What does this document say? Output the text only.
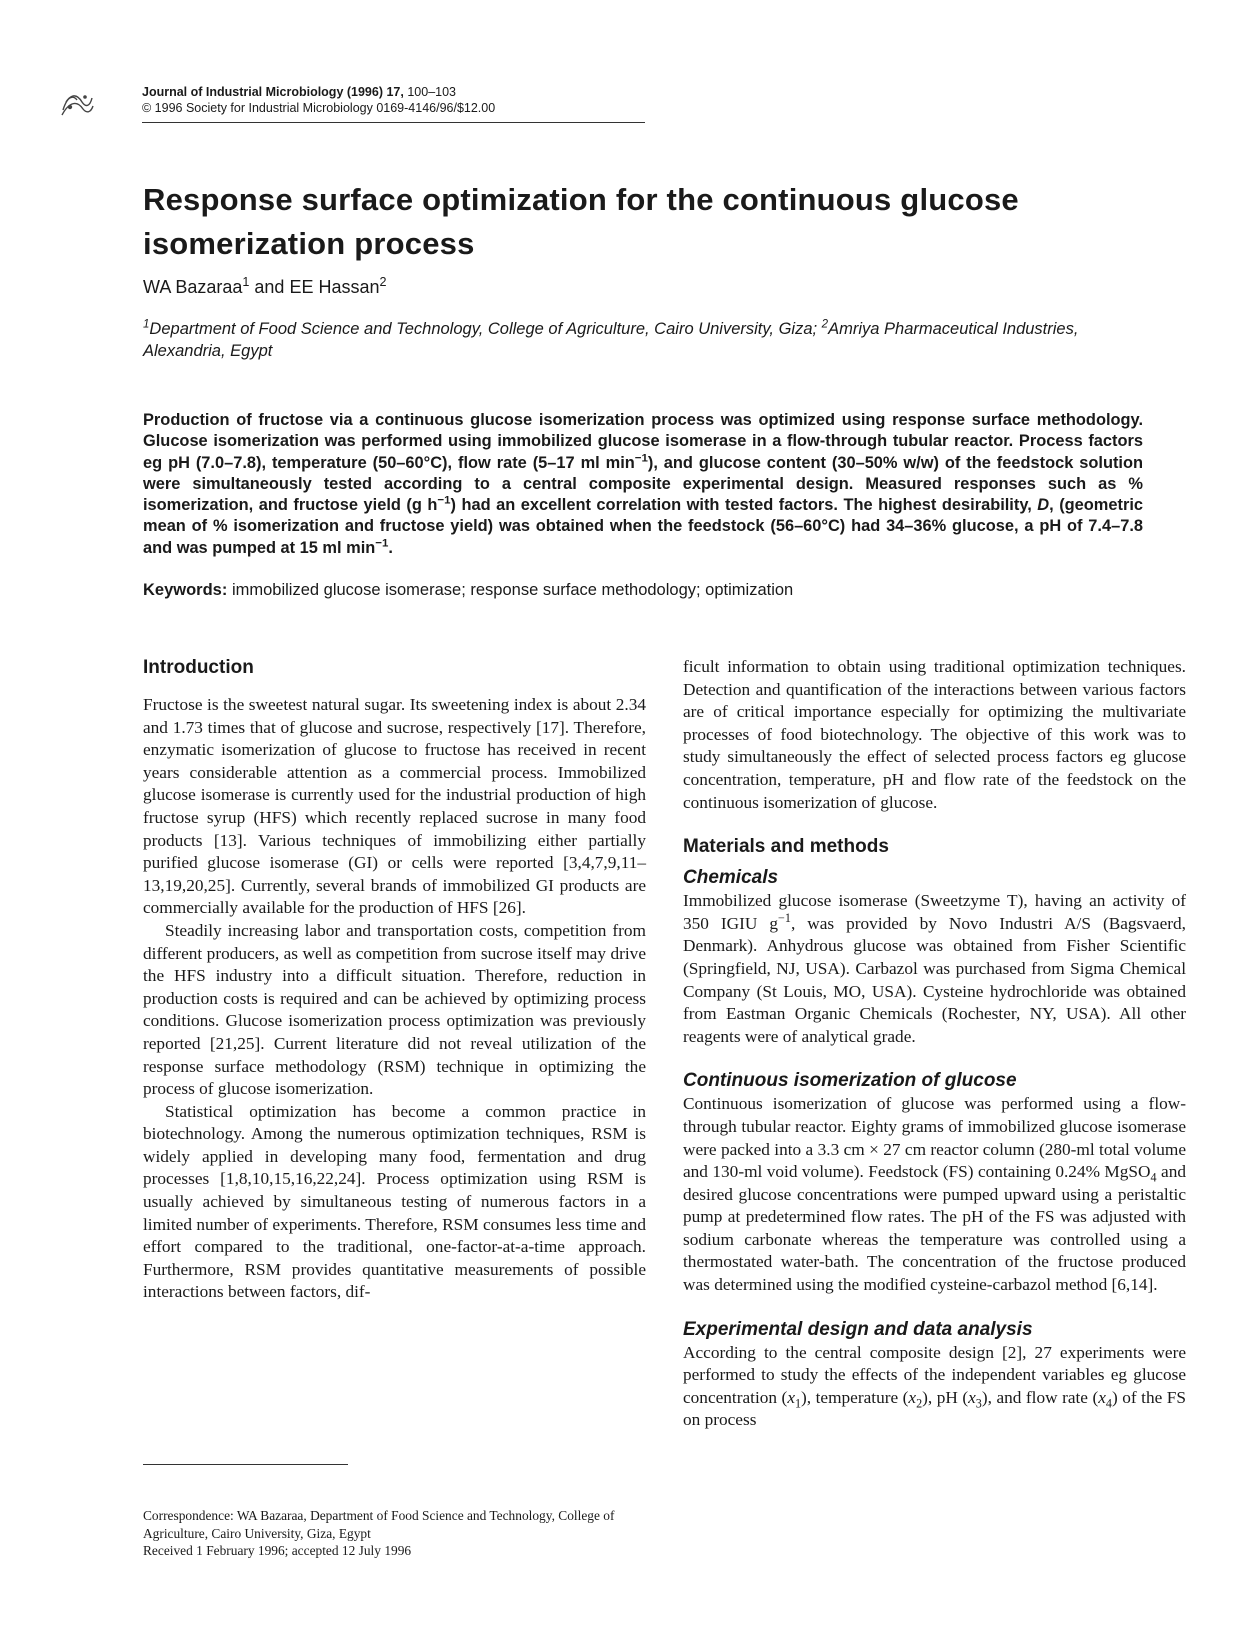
Journal of Industrial Microbiology (1996) 17, 100–103
© 1996 Society for Industrial Microbiology 0169-4146/96/$12.00
Response surface optimization for the continuous glucose isomerization process
WA Bazaraa$^1$ and EE Hassan$^2$
$^1$Department of Food Science and Technology, College of Agriculture, Cairo University, Giza; $^2$Amriya Pharmaceutical Industries, Alexandria, Egypt

Production of fructose via a continuous glucose isomerization process was optimized using response surface methodology. Glucose isomerization was performed using immobilized glucose isomerase in a flow-through tubular reactor. Process factors eg pH (7.0–7.8), temperature (50–60°C), flow rate (5–17 ml $\min^{-1}$), and glucose content (30–50% w/w) of the feedstock solution were simultaneously tested according to a central composite experimental design. Measured responses such as % isomerization, and fructose yield (g $h^{-1}$) had an excellent correlation with tested factors. The highest desirability, D, (geometric mean of % isomerization and fructose yield) was obtained when the feedstock (56–60°C) had 34–36% glucose, a pH of 7.4–7.8 and was pumped at 15 ml $\min^{-1}$.

Keywords: immobilized glucose isomerase; response surface methodology; optimization
Introduction

Fructose is the sweetest natural sugar. Its sweetening index is about 2.34 and 1.73 times that of glucose and sucrose, respectively [17]. Therefore, enzymatic isomerization of glucose to fructose has received in recent years considerable attention as a commercial process. Immobilized glucose isomerase is currently used for the industrial production of high fructose syrup (HFS) which recently replaced sucrose in many food products [13]. Various techniques of immobilizing either partially purified glucose isomerase (GI) or cells were reported [3,4,7,9,11–13,19,20,25]. Currently, several brands of immobilized GI products are commercially available for the production of HFS [26].

Steadily increasing labor and transportation costs, competition from different producers, as well as competition from sucrose itself may drive the HFS industry into a difficult situation. Therefore, reduction in production costs is required and can be achieved by optimizing process conditions. Glucose isomerization process optimization was previously reported [21,25]. Current literature did not reveal utilization of the response surface methodology (RSM) technique in optimizing the process of glucose isomerization.

Statistical optimization has become a common practice in biotechnology. Among the numerous optimization techniques, RSM is widely applied in developing many food, fermentation and drug processes [1,8,10,15,16,22,24]. Process optimization using RSM is usually achieved by simultaneous testing of numerous factors in a limited number of experiments. Therefore, RSM consumes less time and effort compared to the traditional, one-factor-at-a-time approach. Furthermore, RSM provides quantitative measurements of possible interactions between factors, dif-

ficult information to obtain using traditional optimization techniques. Detection and quantification of the interactions between various factors are of critical importance especially for optimizing the multivariate processes of food biotechnology. The objective of this work was to study simultaneously the effect of selected process factors eg glucose concentration, temperature, pH and flow rate of the feedstock on the continuous isomerization of glucose.

Materials and methods
Chemicals

Immobilized glucose isomerase (Sweetzyme T), having an activity of 350 IGIU $g^{-1}$, was provided by Novo Industri A/S (Bagsvaerd, Denmark). Anhydrous glucose was obtained from Fisher Scientific (Springfield, NJ, USA). Carbazol was purchased from Sigma Chemical Company (St Louis, MO, USA). Cysteine hydrochloride was obtained from Eastman Organic Chemicals (Rochester, NY, USA). All other reagents were of analytical grade.

Continuous isomerization of glucose

Continuous isomerization of glucose was performed using a flow-through tubular reactor. Eighty grams of immobilized glucose isomerase were packed into a 3.3 cm × 27 cm reactor column (280-ml total volume and 130-ml void volume). Feedstock (FS) containing 0.24% MgSO$_4$ and desired glucose concentrations were pumped upward using a peristaltic pump at predetermined flow rates. The pH of the FS was adjusted with sodium carbonate whereas the temperature was controlled using a thermostated water-bath. The concentration of the fructose produced was determined using the modified cysteine-carbazol method [6,14].

Experimental design and data analysis

According to the central composite design [2], 27 experiments were performed to study the effects of the independent variables eg glucose concentration $(x_1)$, temperature $(x_2)$, pH $(x_3)$, and flow rate $(x_4)$ of the FS on process

Correspondence: WA Bazaraa, Department of Food Science and Technology, College of Agriculture, Cairo University, Giza, Egypt
Received 1 February 1996; accepted 12 July 1996
